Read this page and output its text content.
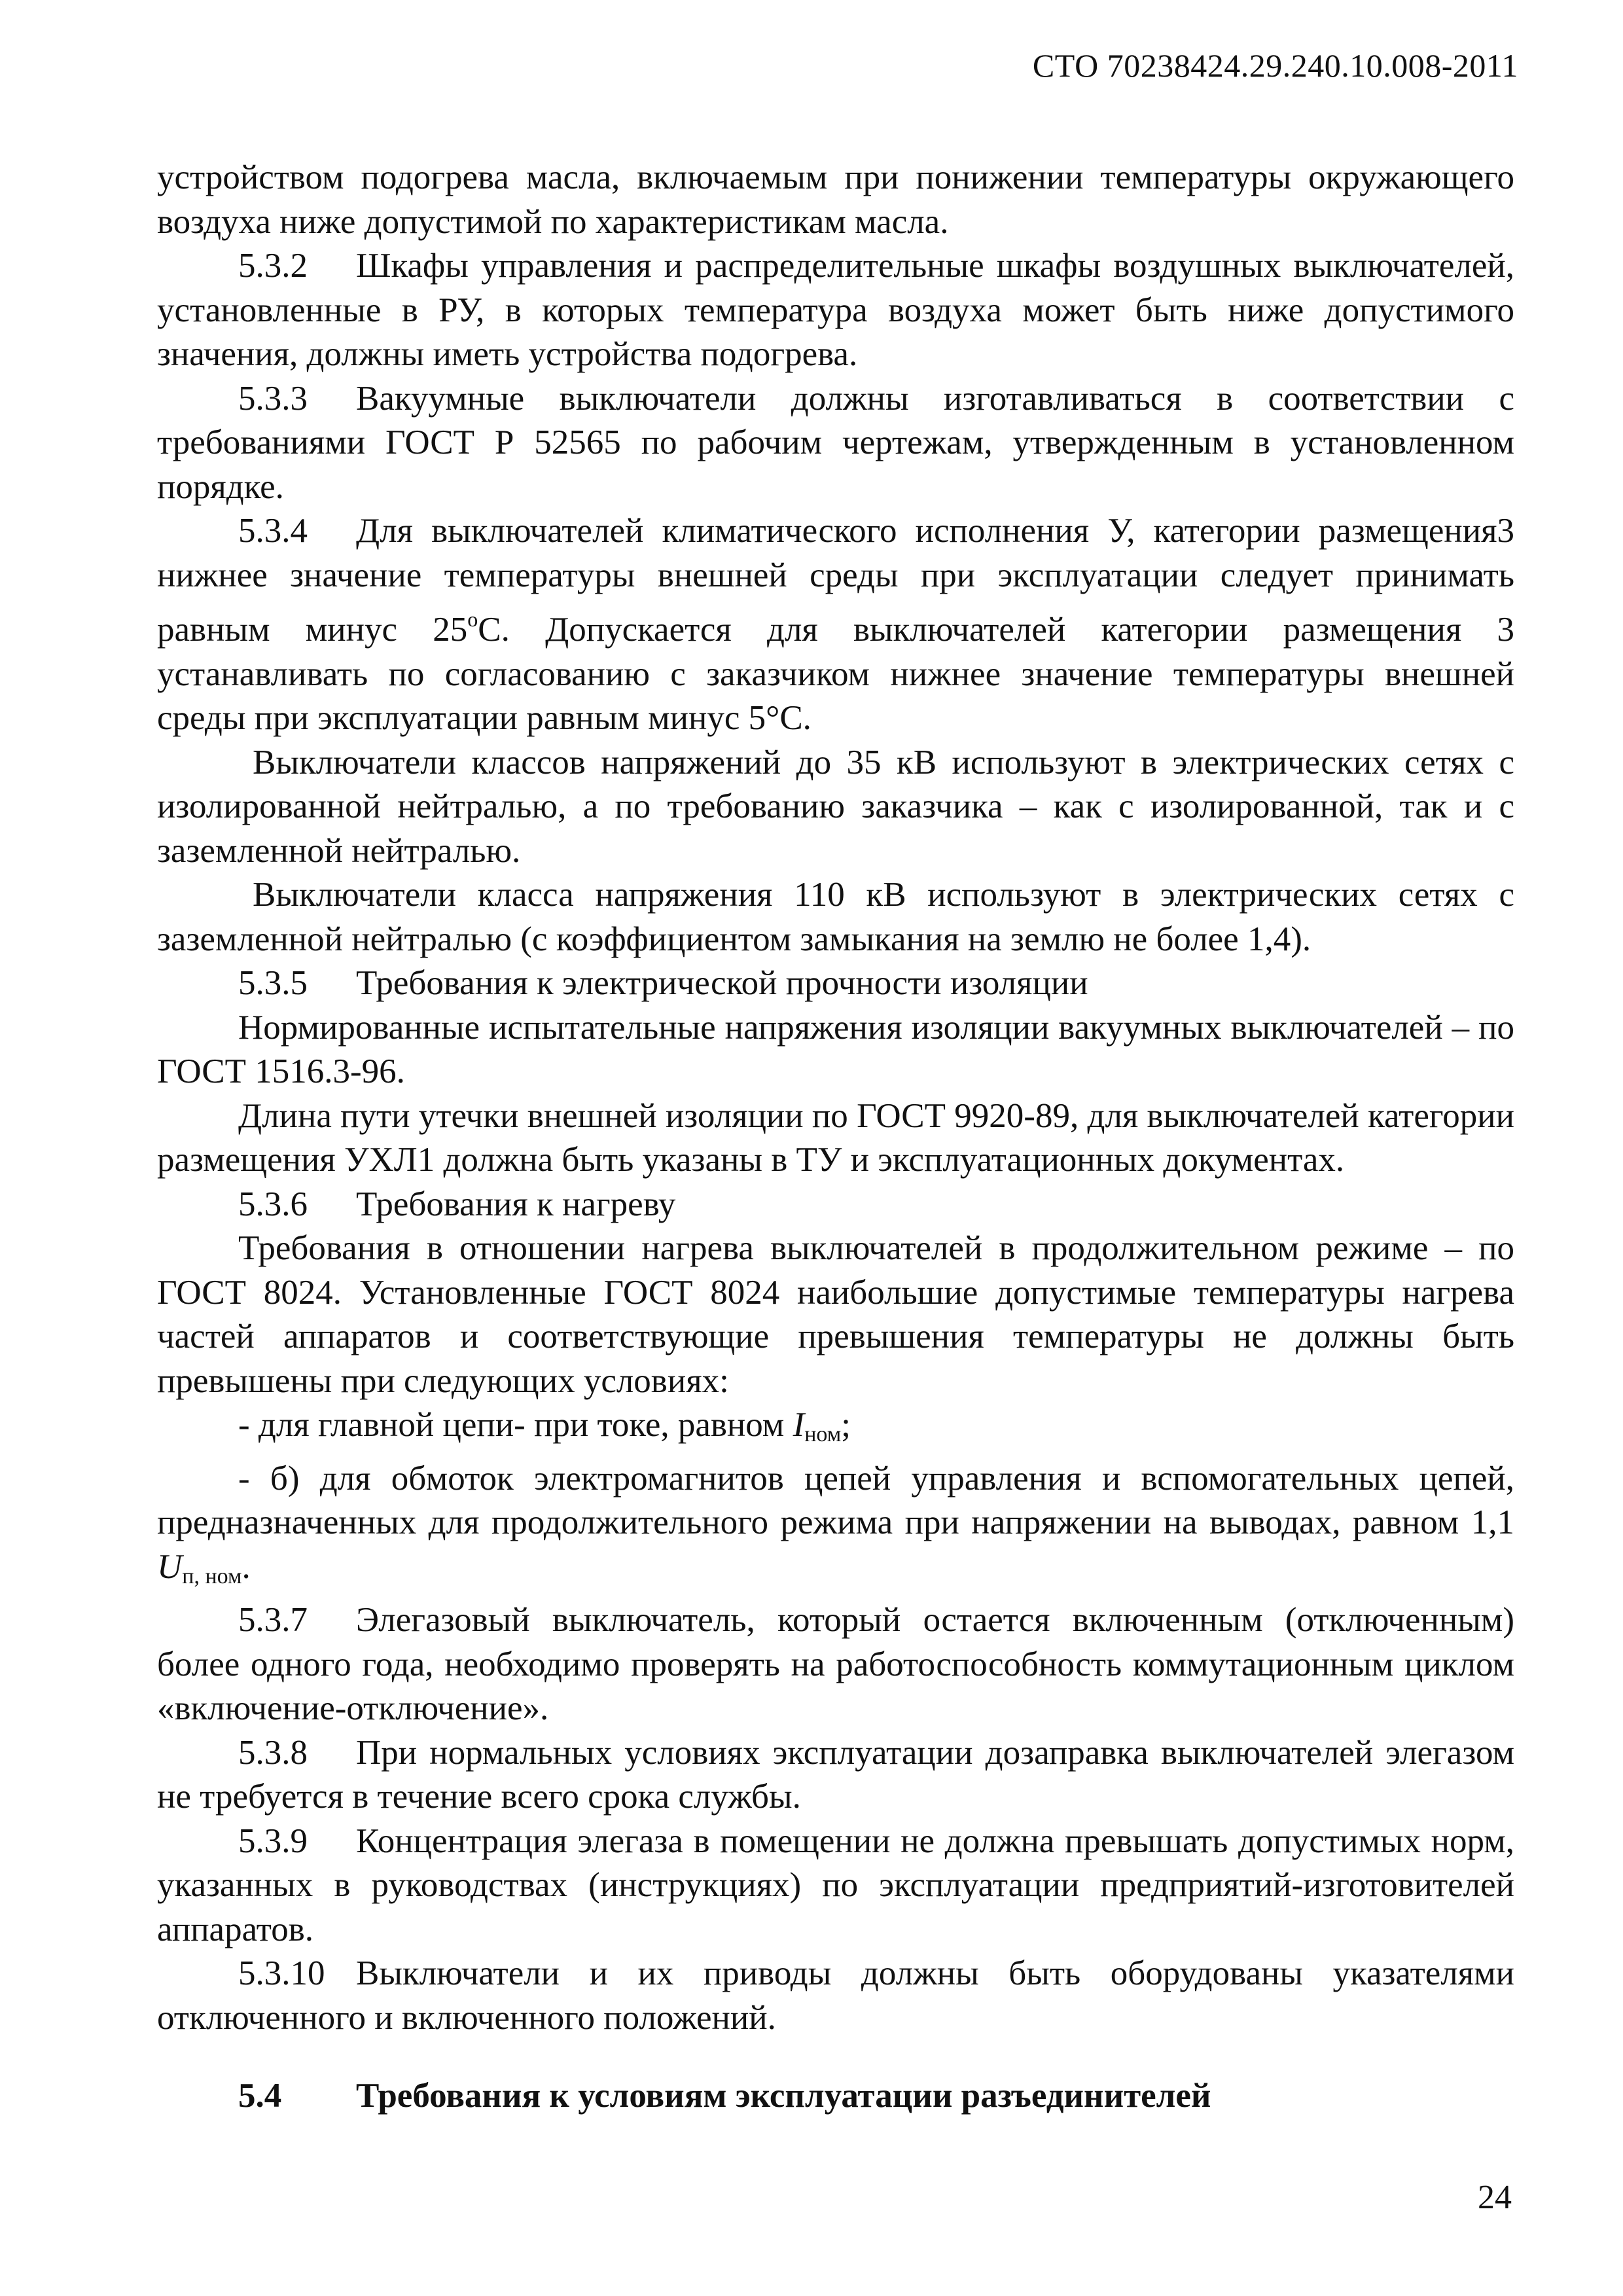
СТО 70238424.29.240.10.008-2011

устройством подогрева масла, включаемым при понижении температуры окружающего воздуха ниже допустимой по характеристикам масла.

5.3.2 Шкафы управления и распределительные шкафы воздушных выключателей, установленные в РУ, в которых температура воздуха может быть ниже допустимого значения, должны иметь устройства подогрева.

5.3.3 Вакуумные выключатели должны изготавливаться в соответствии с требованиями ГОСТ Р 52565 по рабочим чертежам, утвержденным в установленном порядке.

5.3.4 Для выключателей климатического исполнения У, категории размещения3 нижнее значение температуры внешней среды при эксплуатации следует принимать равным минус $25^оС$. Допускается для выключателей категории размещения 3 устанавливать по согласованию с заказчиком нижнее значение температуры внешней среды при эксплуатации равным минус 5°С.

Выключатели классов напряжений до 35 кВ используют в электрических сетях с изолированной нейтралью, а по требованию заказчика – как с изолированной, так и с заземленной нейтралью.

Выключатели класса напряжения 110 кВ используют в электрических сетях с заземленной нейтралью (с коэффициентом замыкания на землю не более 1,4).

5.3.5 Требования к электрической прочности изоляции

Нормированные испытательные напряжения изоляции вакуумных выключателей – по ГОСТ 1516.3-96.

Длина пути утечки внешней изоляции по ГОСТ 9920-89, для выключателей категории размещения УХЛ1 должна быть указаны в ТУ и эксплуатационных документах.

5.3.6 Требования к нагреву

Требования в отношении нагрева выключателей в продолжительном режиме – по ГОСТ 8024. Установленные ГОСТ 8024 наибольшие допустимые температуры нагрева частей аппаратов и соответствующие превышения температуры не должны быть превышены при следующих условиях:

- для главной цепи- при токе, равном $I_{ном}$;

- б) для обмоток электромагнитов цепей управления и вспомогательных цепей, предназначенных для продолжительного режима при напряжении на выводах, равном 1,1 $U_{п, ном}$.

5.3.7 Элегазовый выключатель, который остается включенным (отключенным) более одного года, необходимо проверять на работоспособность коммутационным циклом «включение-отключение».

5.3.8 При нормальных условиях эксплуатации дозаправка выключателей элегазом не требуется в течение всего срока службы.

5.3.9 Концентрация элегаза в помещении не должна превышать допустимых норм, указанных в руководствах (инструкциях) по эксплуатации предприятий-изготовителей аппаратов.

5.3.10 Выключатели и их приводы должны быть оборудованы указателями отключенного и включенного положений.

5.4 Требования к условиям эксплуатации разъединителей

24
